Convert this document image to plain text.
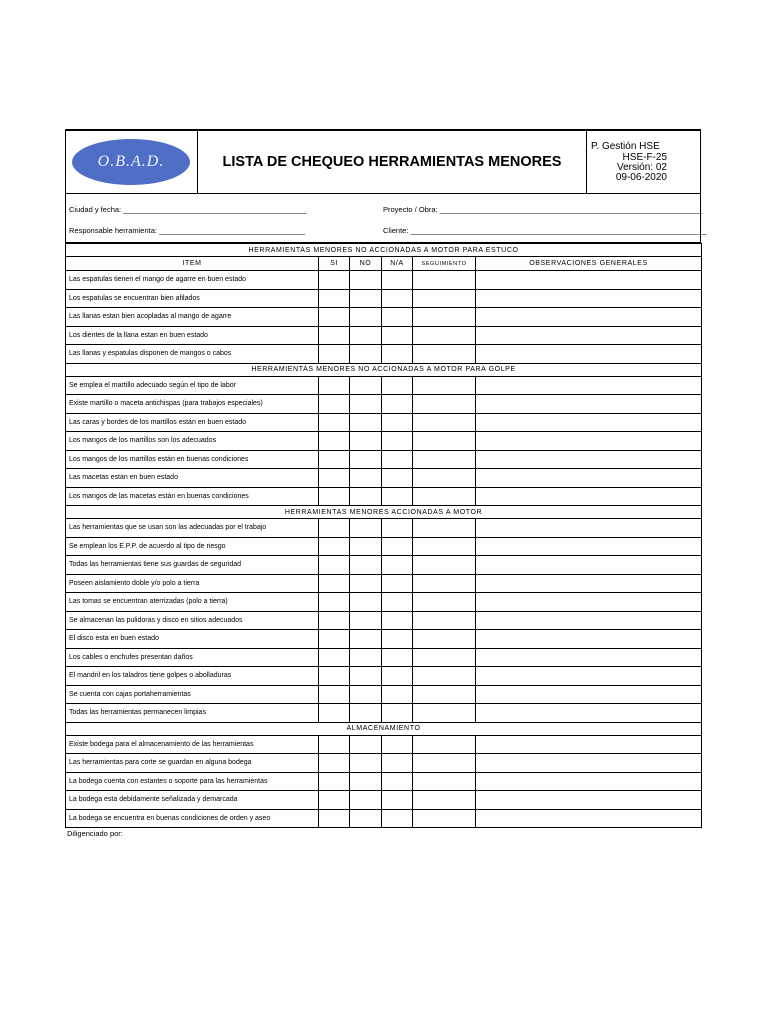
O.B.A.D.	LISTA DE CHEQUEO HERRAMIENTAS MENORES
P. Gestión HSE
HSE-F-25
Versión: 02
09-06-2020
Ciudad y fecha: ____________________________________________	Proyecto / Obra: _______________________________________________________________
Responsable herramienta: ___________________________________	Cliente: _______________________________________________________________________
HERRAMIENTAS MENORES NO ACCIONADAS A MOTOR PARA ESTUCO					
ITEM	SI	NO	N/A	SEGUIMIENTO	OBSERVACIONES GENERALES
Las espatulas tienen el mango de agarre en buen estado					
Los espatulas se encuentran bien afilados					
Las llanas estan bien acopladas al mango de agarre					
Los dientes de la llana estan en buen estado					
Las llanas y espatulas disponen de mangos o cabos					
HERRAMIENTAS MENORES NO ACCIONADAS A MOTOR PARA GOLPE					
Se emplea el martillo adecuado según el tipo de labor					
Existe martillo o maceta antichispas (para trabajos especiales)					
Las caras y bordes de los martillos están en buen estado					
Los mangos de los martillos son los adecuados					
Los mangos de los martillos están en buenas condiciones					
Las macetas estan en buen estado					
Los mangos de las macetas están en buenas condiciones					
HERRAMIENTAS MENORES ACCIONADAS A MOTOR					
Las herramientas que se usan son las adecuadas por el trabajo					
Se emplean los E.P.P. de acuerdo al tipo de riesgo					
Todas las herramientas tiene sus guardas de seguridad					
Poseen aislamiento doble y/o polo a tierra					
Las tomas se encuentran aterrizadas (polo a tierra)					
Se almacenan las pulidoras y disco en sitios adecuados					
El disco esta en buen estado					
Los cables o enchufes presentan daños					
El mandril en los taladros tiene golpes o abolladuras					
Se cuenta con cajas portaherramientas					
Todas las herramientas permanecen limpias					
ALMACENAMIENTO					
Existe bodega para el almacenamiento de las herramientas					
Las herramientas para corte se guardan en alguna bodega					
La bodega cuenta con estantes o soporte para las herramientas					
La bodega esta debidamente señalizada y demarcada					
La bodega se encuentra en buenas condiciones de orden y aseo					
Diligenciado por:
